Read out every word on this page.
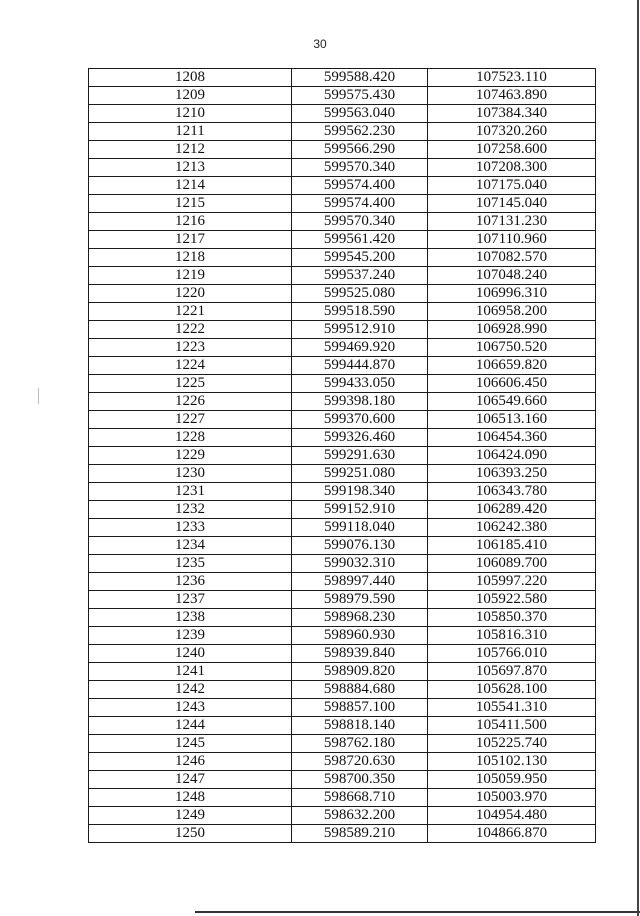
30
1208	599588.420	107523.110
1209	599575.430	107463.890
1210	599563.040	107384.340
1211	599562.230	107320.260
1212	599566.290	107258.600
1213	599570.340	107208.300
1214	599574.400	107175.040
1215	599574.400	107145.040
1216	599570.340	107131.230
1217	599561.420	107110.960
1218	599545.200	107082.570
1219	599537.240	107048.240
1220	599525.080	106996.310
1221	599518.590	106958.200
1222	599512.910	106928.990
1223	599469.920	106750.520
1224	599444.870	106659.820
1225	599433.050	106606.450
1226	599398.180	106549.660
1227	599370.600	106513.160
1228	599326.460	106454.360
1229	599291.630	106424.090
1230	599251.080	106393.250
1231	599198.340	106343.780
1232	599152.910	106289.420
1233	599118.040	106242.380
1234	599076.130	106185.410
1235	599032.310	106089.700
1236	598997.440	105997.220
1237	598979.590	105922.580
1238	598968.230	105850.370
1239	598960.930	105816.310
1240	598939.840	105766.010
1241	598909.820	105697.870
1242	598884.680	105628.100
1243	598857.100	105541.310
1244	598818.140	105411.500
1245	598762.180	105225.740
1246	598720.630	105102.130
1247	598700.350	105059.950
1248	598668.710	105003.970
1249	598632.200	104954.480
1250	598589.210	104866.870
